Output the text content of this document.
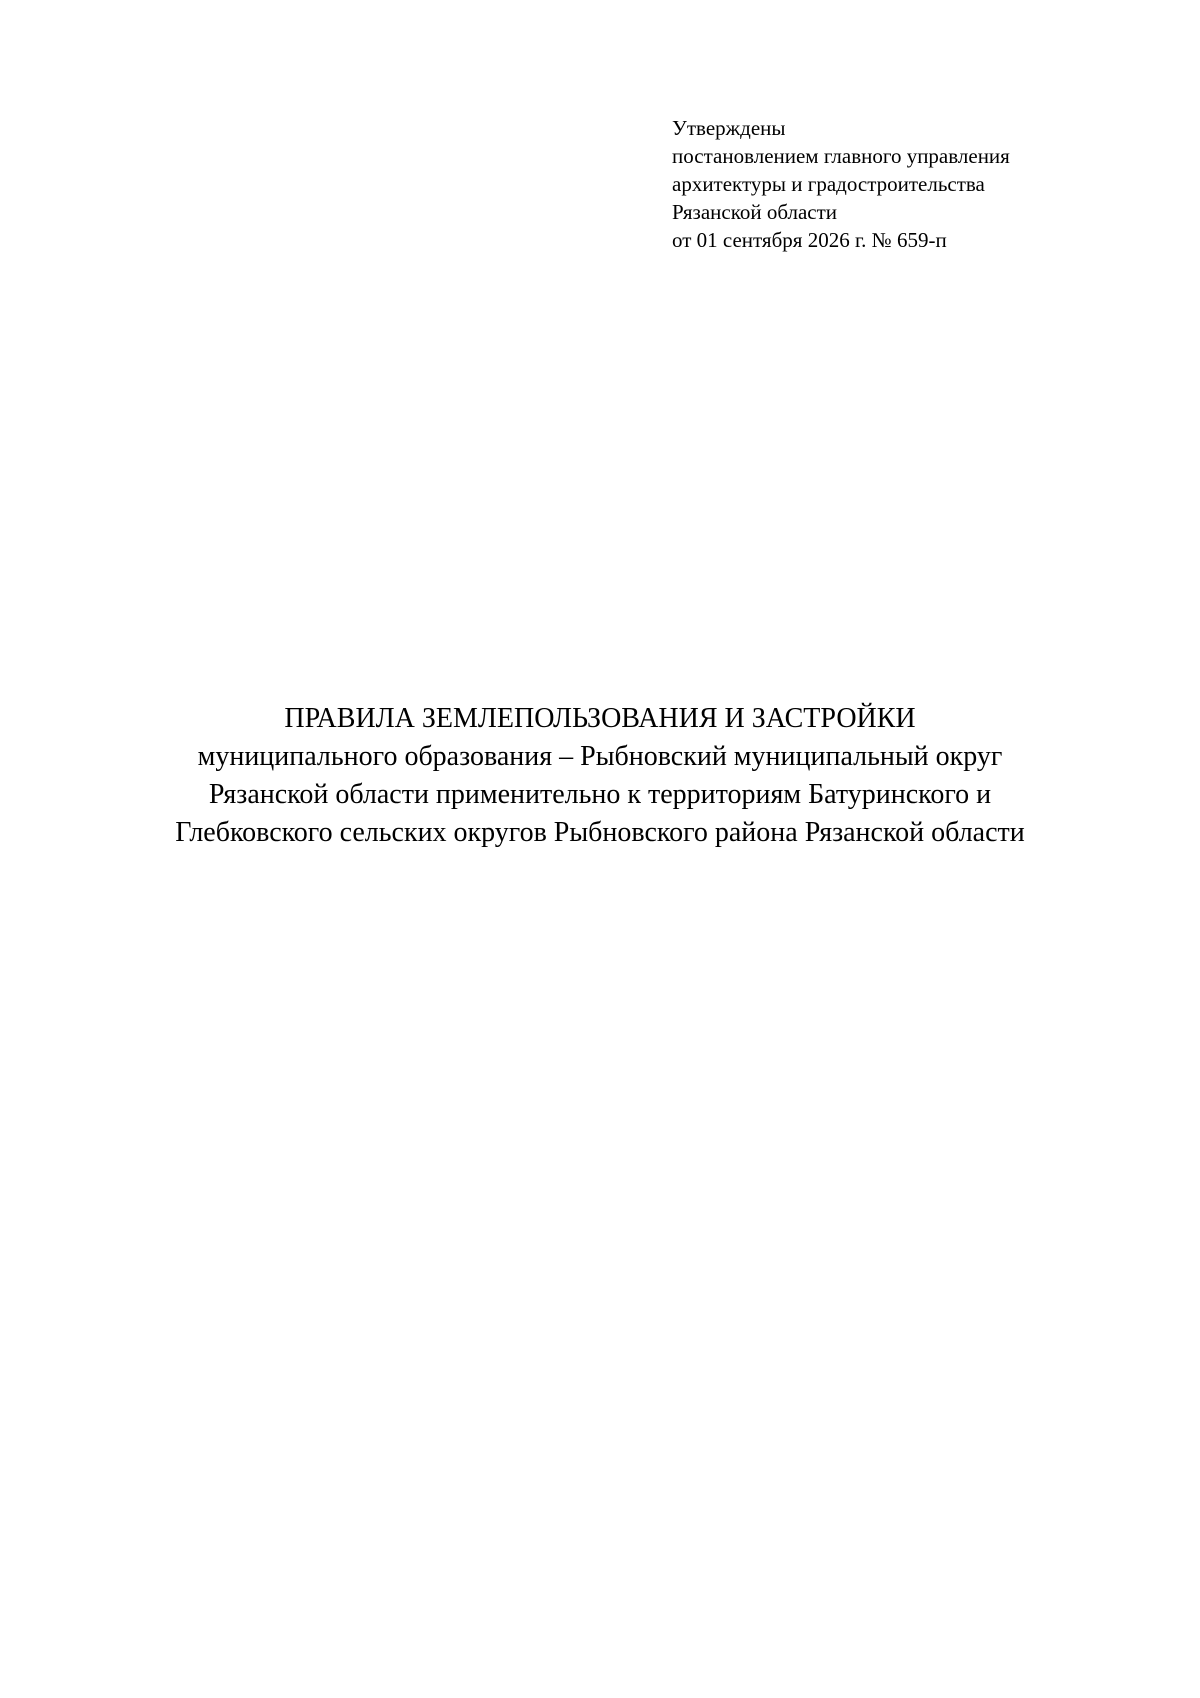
Утверждены
постановлением главного управления
архитектуры и градостроительства
Рязанской области
от 01 сентября 2026 г. № 659-п
ПРАВИЛА ЗЕМЛЕПОЛЬЗОВАНИЯ И ЗАСТРОЙКИ
муниципального образования – Рыбновский муниципальный округ
Рязанской области применительно к территориям Батуринского и
Глебковского сельских округов Рыбновского района Рязанской области
